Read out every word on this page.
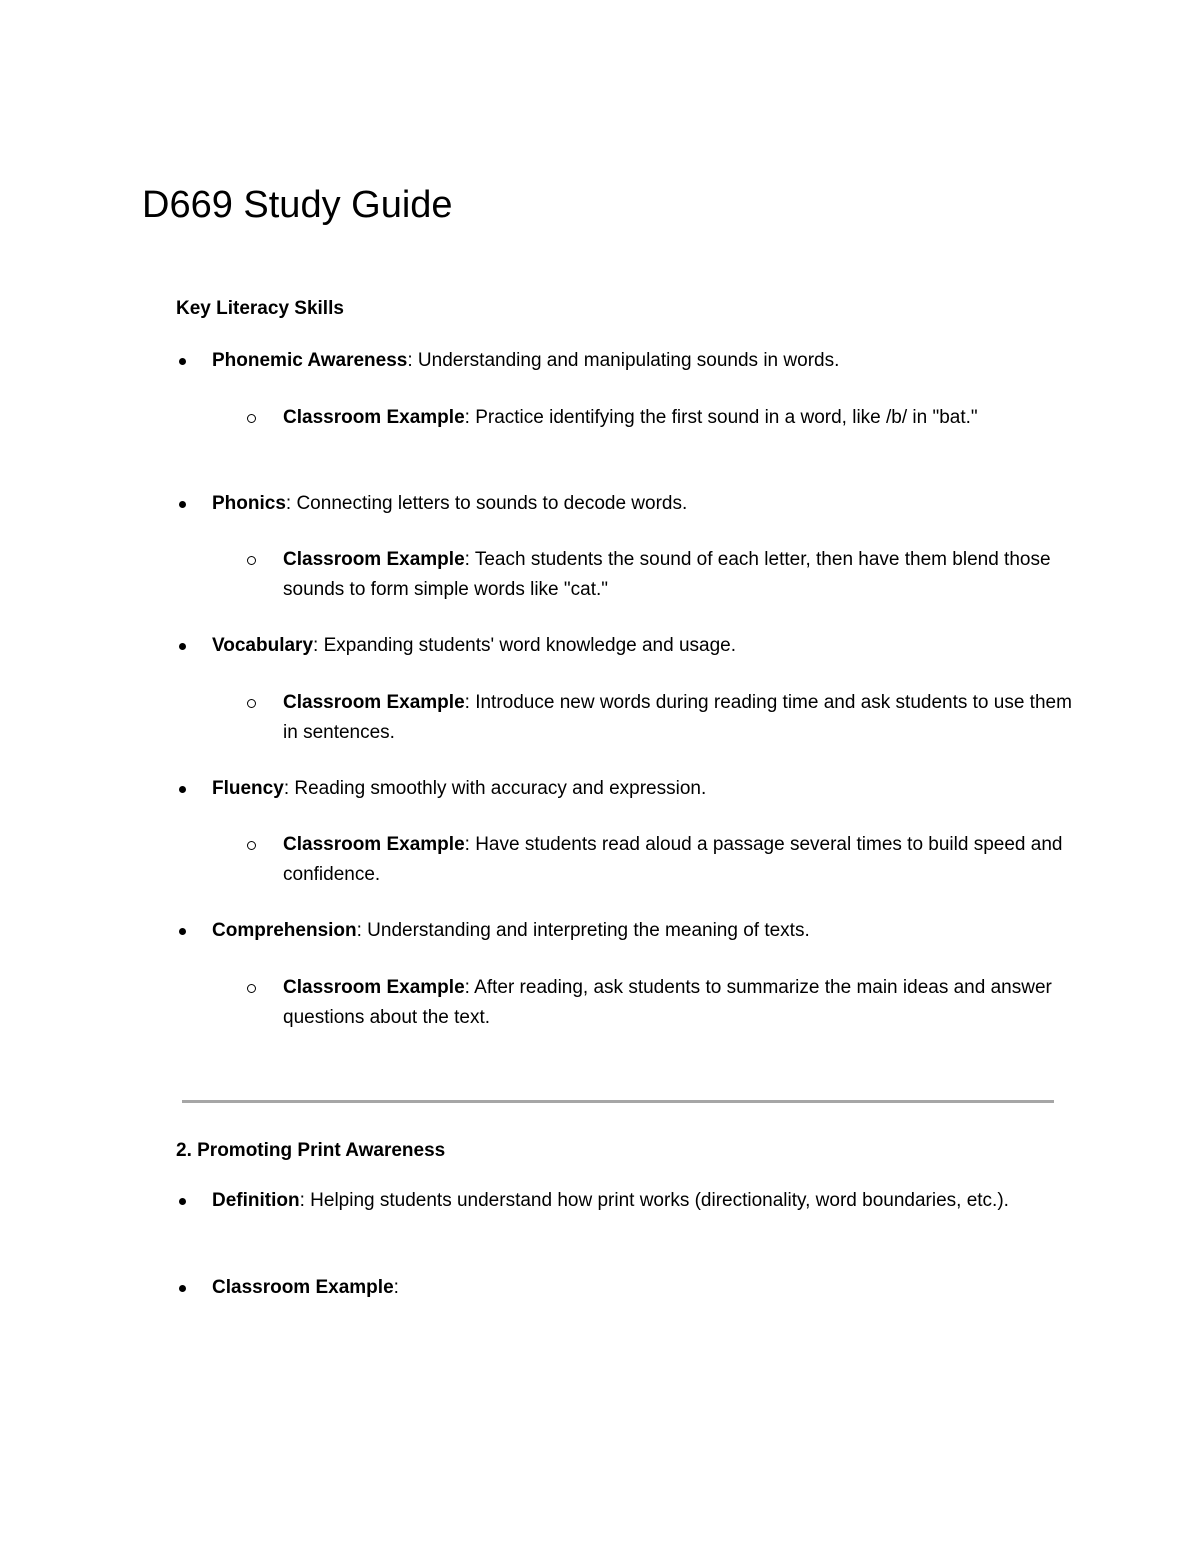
D669 Study Guide
Key Literacy Skills
Phonemic Awareness: Understanding and manipulating sounds in words.
Classroom Example: Practice identifying the first sound in a word, like /b/ in "bat."
Phonics: Connecting letters to sounds to decode words.
Classroom Example: Teach students the sound of each letter, then have them blend those sounds to form simple words like "cat."
Vocabulary: Expanding students' word knowledge and usage.
Classroom Example: Introduce new words during reading time and ask students to use them in sentences.
Fluency: Reading smoothly with accuracy and expression.
Classroom Example: Have students read aloud a passage several times to build speed and confidence.
Comprehension: Understanding and interpreting the meaning of texts.
Classroom Example: After reading, ask students to summarize the main ideas and answer questions about the text.
2. Promoting Print Awareness
Definition: Helping students understand how print works (directionality, word boundaries, etc.).
Classroom Example:
